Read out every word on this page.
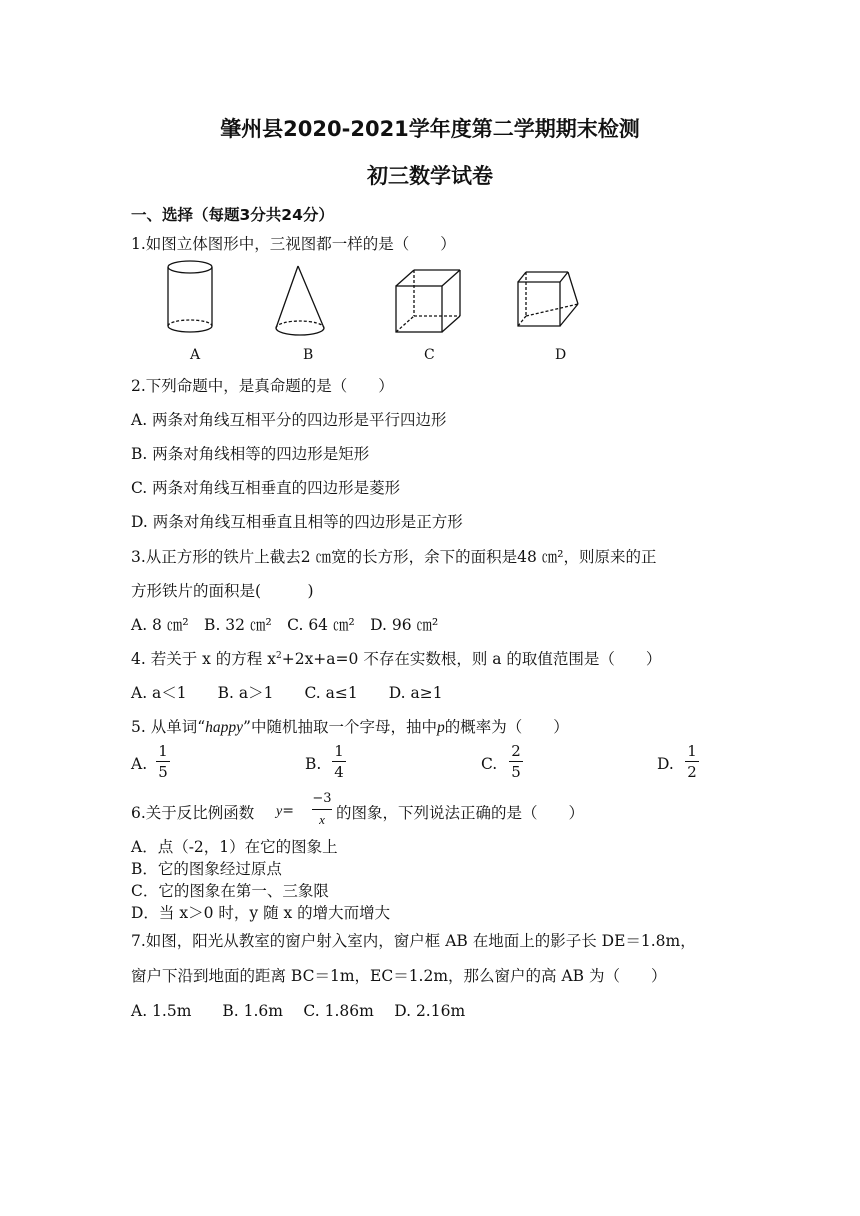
肇州县2020-2021学年度第二学期期末检测
初三数学试卷
一、选择（每题3分共24分）
1.如图立体图形中，三视图都一样的是（　　）
A	B	C	D
2.下列命题中，是真命题的是（　　）
A. 两条对角线互相平分的四边形是平行四边形
B. 两条对角线相等的四边形是矩形
C. 两条对角线互相垂直的四边形是菱形
D. 两条对角线互相垂直且相等的四边形是正方形
3.从正方形的铁片上截去2 ㎝宽的长方形，余下的面积是48 ㎝²，则原来的正
方形铁片的面积是(　　　)
A. 8 ㎝²　B. 32 ㎝²　C. 64 ㎝²　D. 96 ㎝²
4. 若关于 x 的方程 $x^2+2x+a=0$ 不存在实数根，则 a 的取值范围是（　　）
A. a＜1　　B. a＞1　　C. a≤1　　D. a≥1
5. 从单词“happy”中随机抽取一个字母，抽中p的概率为（　　）
A.
1
5	B.
1
4	C.
2
5	D.
1
2
6.关于反比例函数 y=
−3
x 的图象，下列说法正确的是（　　）
A．点（-2，1）在它的图象上
B．它的图象经过原点
C．它的图象在第一、三象限
D．当 x＞0 时，y 随 x 的增大而增大
7.如图，阳光从教室的窗户射入室内，窗户框 AB 在地面上的影子长 DE＝1.8m，
窗户下沿到地面的距离 BC＝1m，EC＝1.2m，那么窗户的高 AB 为（　　）
A. 1.5m　　B. 1.6m　 C. 1.86m　 D. 2.16m
